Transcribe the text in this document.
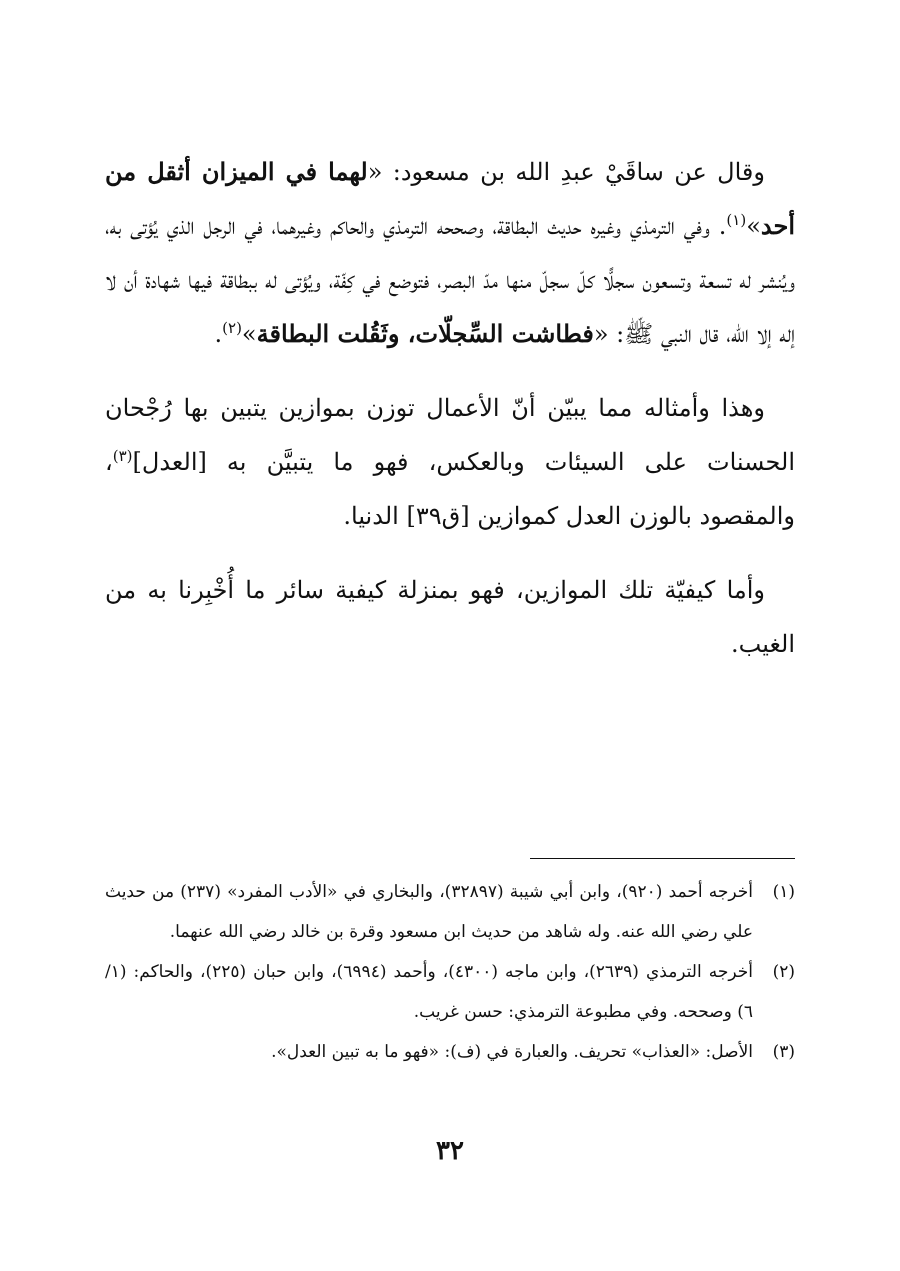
وقال عن ساقَيْ عبدِ الله بن مسعود: «لهما في الميزان أثقل من أحد»$^{(١)}$. وفي الترمذي وغيره حديث البطاقة، وصححه الترمذي والحاكم وغيرهما، في الرجل الذي يُؤتى به، ويُنشر له تسعة وتسعون سجلًّا كلّ سجلّ منها مدّ البصر، فتوضع في كِفّة، ويُؤتى له ببطاقة فيها شهادة أن لا إله إلا الله، قال النبي ﷺ: «فطاشت السِّجلّات، وثَقُلت البطاقة»$^{(٢)}$.

وهذا وأمثاله مما يبيّن أنّ الأعمال توزن بموازين يتبين بها رُجْحان الحسنات على السيئات وبالعكس، فهو ما يتبيَّن به [العدل]$^{(٣)}$، والمقصود بالوزن العدل كموازين [ق٣٩] الدنيا.

وأما كيفيّة تلك الموازين، فهو بمنزلة كيفية سائر ما أُخْبِرنا به من الغيب.

(١)
أخرجه أحمد (٩٢٠)، وابن أبي شيبة (٣٢٨٩٧)، والبخاري في «الأدب المفرد» (٢٣٧) من حديث علي رضي الله عنه. وله شاهد من حديث ابن مسعود وقرة بن خالد رضي الله عنهما.
(٢)
أخرجه الترمذي (٢٦٣٩)، وابن ماجه (٤٣٠٠)، وأحمد (٦٩٩٤)، وابن حبان (٢٢٥)، والحاكم: (١/ ٦) وصححه. وفي مطبوعة الترمذي: حسن غريب.
(٣)
الأصل: «العذاب» تحريف. والعبارة في (ف): «فهو ما به تبين العدل».
٣٢
